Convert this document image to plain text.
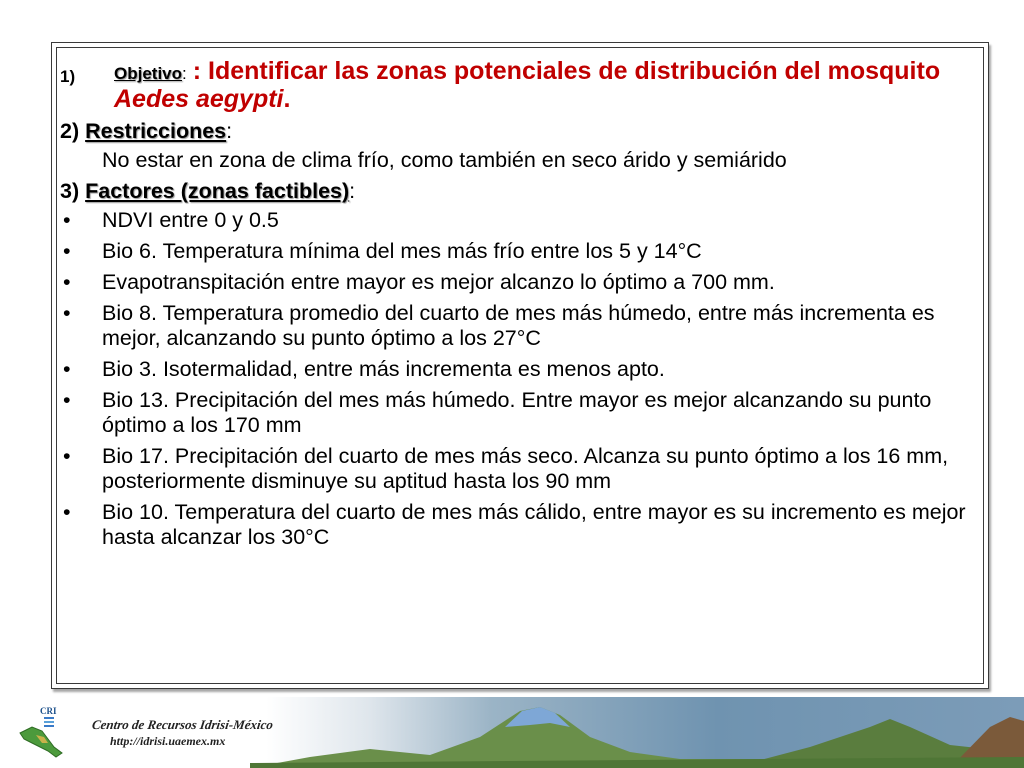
1) Objetivo: : Identificar las zonas potenciales de distribución del mosquito Aedes aegypti.
2) Restricciones:
No estar en zona de clima frío, como también en seco árido y semiárido
3) Factores (zonas factibles):
• NDVI entre 0 y 0.5
• Bio 6. Temperatura mínima del mes más frío entre los 5 y 14°C
• Evapotranspitación entre mayor es mejor alcanzo lo óptimo a 700 mm.
• Bio 8. Temperatura promedio del cuarto de mes más húmedo, entre más incrementa es mejor, alcanzando su punto óptimo a los 27°C
• Bio 3. Isotermalidad, entre más incrementa es menos apto.
• Bio 13. Precipitación del mes más húmedo. Entre mayor es mejor alcanzando su punto óptimo a los 170 mm
• Bio 17. Precipitación del cuarto de mes más seco. Alcanza su punto óptimo a los 16 mm, posteriormente disminuye su aptitud hasta los 90 mm
• Bio 10. Temperatura del cuarto de mes más cálido, entre mayor es su incremento es mejor hasta alcanzar los 30°C
CRI
Centro de Recursos Idrisi-México
http://idrisi.uaemex.mx
